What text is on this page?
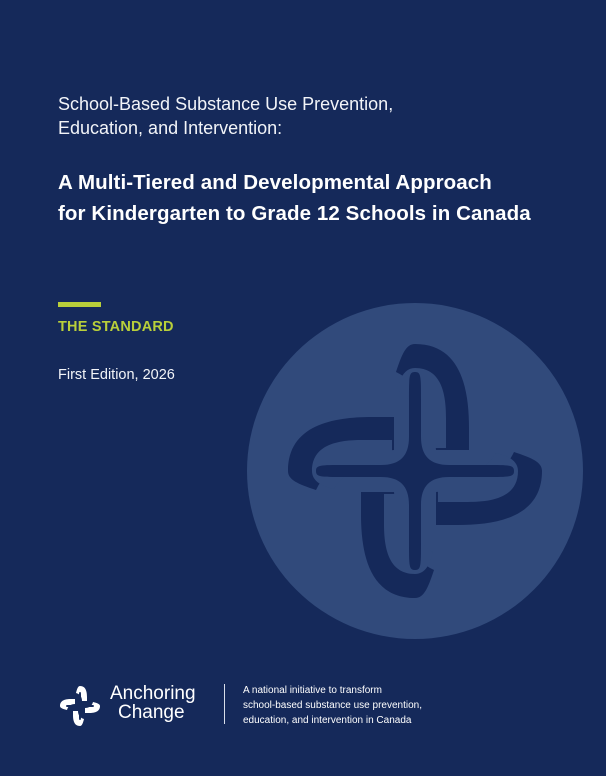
School-Based Substance Use Prevention,
Education, and Intervention:
A Multi-Tiered and Developmental Approach
for Kindergarten to Grade 12 Schools in Canada
THE STANDARD
First Edition, 2026
Anchoring
Change
A national initiative to transform
school-based substance use prevention,
education, and intervention in Canada
